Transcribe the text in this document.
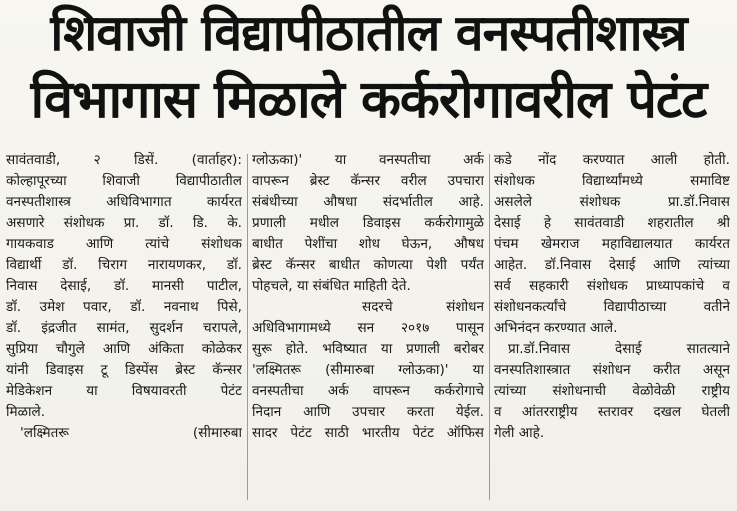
शिवाजी विद्यापीठातील वनस्पतीशास्त्र
विभागास मिळाले कर्करोगावरील पेटंट
सावंतवाडी, २ डिसें. (वार्ताहर):
कोल्हापूरच्या शिवाजी विद्यापीठातील
वनस्पतीशास्त्र अधिविभागात कार्यरत
असणारे संशोधक प्रा. डॉ. डि. के.
गायकवाड आणि त्यांचे संशोधक
विद्यार्थी डॉ. चिराग नारायणकर, डॉ.
निवास देसाई, डॉ. मानसी पाटील,
डॉ. उमेश पवार, डॉ. नवनाथ पिसे,
डॉ. इंद्रजीत सामंत, सुदर्शन चरापले,
सुप्रिया चौगुले आणि अंकिता कोळेकर
यांनी डिवाइस टू डिस्पेंस ब्रेस्ट कॅन्सर
मेडिकेशन या विषयावरती पेटंट
मिळाले.
'लक्ष्मितरू (सीमारुबा
ग्लोऊका)' या वनस्पतीचा अर्क
वापरून ब्रेस्ट कॅन्सर वरील उपचारा
संबंधीच्या औषधा संदर्भातील आहे.
प्रणाली मधील डिवाइस कर्करोगामुळे
बाधीत पेशींचा शोध घेऊन, औषध
ब्रेस्ट कॅन्सर बाधीत कोणत्या पेशी पर्यंत
पोहचले, या संबंधित माहिती देते.
सदरचे संशोधन
अधिविभागामध्ये सन २०१७ पासून
सुरू होते. भविष्यात या प्रणाली बरोबर
'लक्ष्मितरू (सीमारुबा ग्लोऊका)' या
वनस्पतीचा अर्क वापरून कर्करोगाचे
निदान आणि उपचार करता येईल.
सादर पेटंट साठी भारतीय पेटंट ऑफिस
कडे नोंद करण्यात आली होती.
संशोधक विद्यार्थ्यांमध्ये समाविष्ट
असलेले संशोधक प्रा.डॉ.निवास
देसाई हे सावंतवाडी शहरातील श्री
पंचम खेमराज महाविद्यालयात कार्यरत
आहेत. डॉ.निवास देसाई आणि त्यांच्या
सर्व सहकारी संशोधक प्राध्यापकांचे व
संशोधनकर्त्यांचे विद्यापीठाच्या वतीने
अभिनंदन करण्यात आले.
प्रा.डॉ.निवास देसाई सातत्याने
वनस्पतिशास्त्रात संशोधन करीत असून
त्यांच्या संशोधनाची वेळोवेळी राष्ट्रीय
व आंतरराष्ट्रीय स्तरावर दखल घेतली
गेली आहे.
